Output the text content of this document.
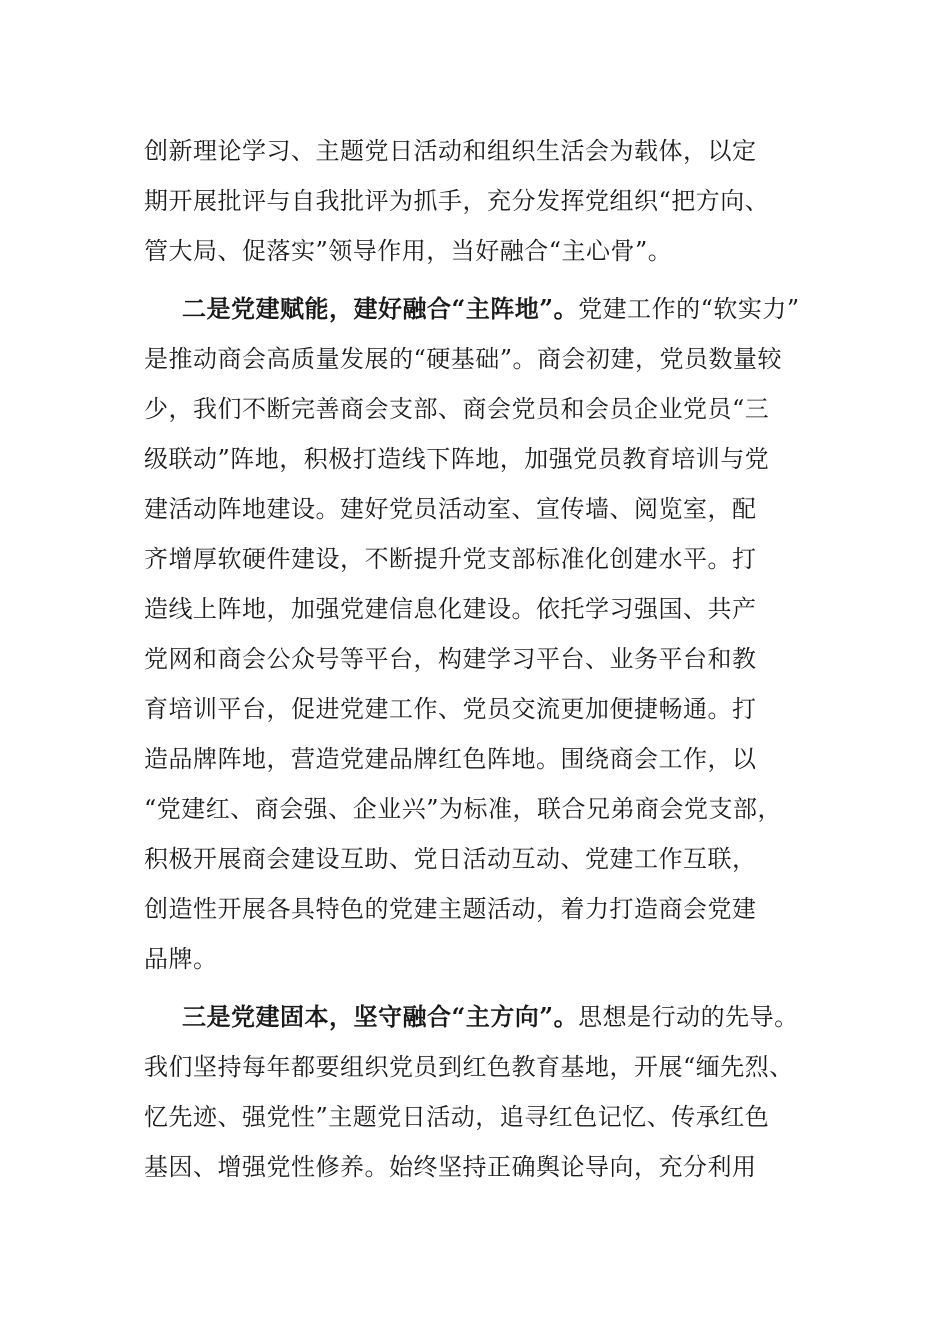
创新理论学习、主题党日活动和组织生活会为载体，以定
期开展批评与自我批评为抓手，充分发挥党组织“把方向、
管大局、促落实”领导作用，当好融合“主心骨”。
二是党建赋能，建好融合“主阵地”。党建工作的“软实力”
是推动商会高质量发展的“硬基础”。商会初建，党员数量较
少，我们不断完善商会支部、商会党员和会员企业党员“三
级联动”阵地，积极打造线下阵地，加强党员教育培训与党
建活动阵地建设。建好党员活动室、宣传墙、阅览室，配
齐增厚软硬件建设，不断提升党支部标准化创建水平。打
造线上阵地，加强党建信息化建设。依托学习强国、共产
党网和商会公众号等平台，构建学习平台、业务平台和教
育培训平台，促进党建工作、党员交流更加便捷畅通。打
造品牌阵地，营造党建品牌红色阵地。围绕商会工作，以
“党建红、商会强、企业兴”为标准，联合兄弟商会党支部，
积极开展商会建设互助、党日活动互动、党建工作互联，
创造性开展各具特色的党建主题活动，着力打造商会党建
品牌。
三是党建固本，坚守融合“主方向”。思想是行动的先导。
我们坚持每年都要组织党员到红色教育基地，开展“缅先烈、
忆先迹、强党性”主题党日活动，追寻红色记忆、传承红色
基因、增强党性修养。始终坚持正确舆论导向，充分利用
